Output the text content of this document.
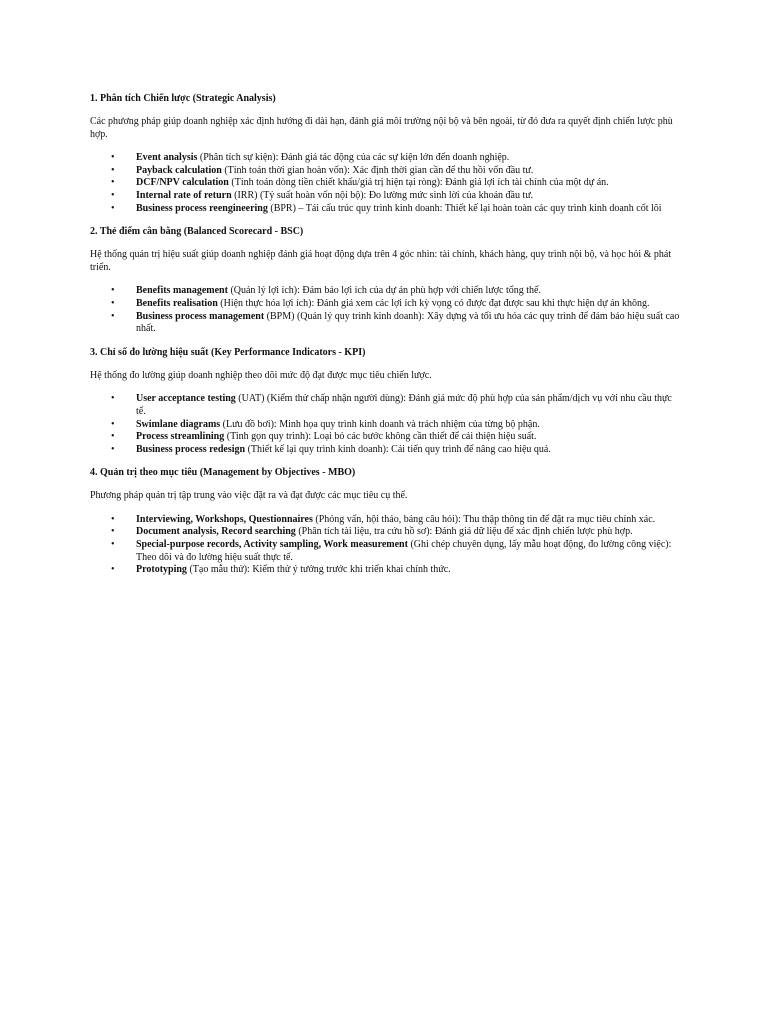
1. Phân tích Chiến lược (Strategic Analysis)

Các phương pháp giúp doanh nghiệp xác định hướng đi dài hạn, đánh giá môi trường nội bộ và bên ngoài, từ đó đưa ra quyết định chiến lược phù hợp.

• Event analysis (Phân tích sự kiện): Đánh giá tác động của các sự kiện lớn đến doanh nghiệp.
• Payback calculation (Tính toán thời gian hoàn vốn): Xác định thời gian cần để thu hồi vốn đầu tư.
• DCF/NPV calculation (Tính toán dòng tiền chiết khấu/giá trị hiện tại ròng): Đánh giá lợi ích tài chính của một dự án.
• Internal rate of return (IRR) (Tỷ suất hoàn vốn nội bộ): Đo lường mức sinh lời của khoản đầu tư.
• Business process reengineering (BPR) – Tái cấu trúc quy trình kinh doanh: Thiết kế lại hoàn toàn các quy trình kinh doanh cốt lõi
2. Thẻ điểm cân bằng (Balanced Scorecard - BSC)

Hệ thống quản trị hiệu suất giúp doanh nghiệp đánh giá hoạt động dựa trên 4 góc nhìn: tài chính, khách hàng, quy trình nội bộ, và học hỏi & phát triển.

• Benefits management (Quản lý lợi ích): Đảm bảo lợi ích của dự án phù hợp với chiến lược tổng thể.
• Benefits realisation (Hiện thực hóa lợi ích): Đánh giá xem các lợi ích kỳ vọng có được đạt được sau khi thực hiện dự án không.
• Business process management (BPM) (Quản lý quy trình kinh doanh): Xây dựng và tối ưu hóa các quy trình để đảm bảo hiệu suất cao nhất.
3. Chỉ số đo lường hiệu suất (Key Performance Indicators - KPI)

Hệ thống đo lường giúp doanh nghiệp theo dõi mức độ đạt được mục tiêu chiến lược.

• User acceptance testing (UAT) (Kiểm thử chấp nhận người dùng): Đánh giá mức độ phù hợp của sản phẩm/dịch vụ với nhu cầu thực tế.
• Swimlane diagrams (Lưu đồ bơi): Minh họa quy trình kinh doanh và trách nhiệm của từng bộ phận.
• Process streamlining (Tinh gọn quy trình): Loại bỏ các bước không cần thiết để cải thiện hiệu suất.
• Business process redesign (Thiết kế lại quy trình kinh doanh): Cải tiến quy trình để nâng cao hiệu quả.
4. Quản trị theo mục tiêu (Management by Objectives - MBO)

Phương pháp quản trị tập trung vào việc đặt ra và đạt được các mục tiêu cụ thể.

• Interviewing, Workshops, Questionnaires (Phỏng vấn, hội thảo, bảng câu hỏi): Thu thập thông tin để đặt ra mục tiêu chính xác.
• Document analysis, Record searching (Phân tích tài liệu, tra cứu hồ sơ): Đánh giá dữ liệu để xác định chiến lược phù hợp.
• Special-purpose records, Activity sampling, Work measurement (Ghi chép chuyên dụng, lấy mẫu hoạt động, đo lường công việc): Theo dõi và đo lường hiệu suất thực tế.
• Prototyping (Tạo mẫu thử): Kiểm thử ý tưởng trước khi triển khai chính thức.
